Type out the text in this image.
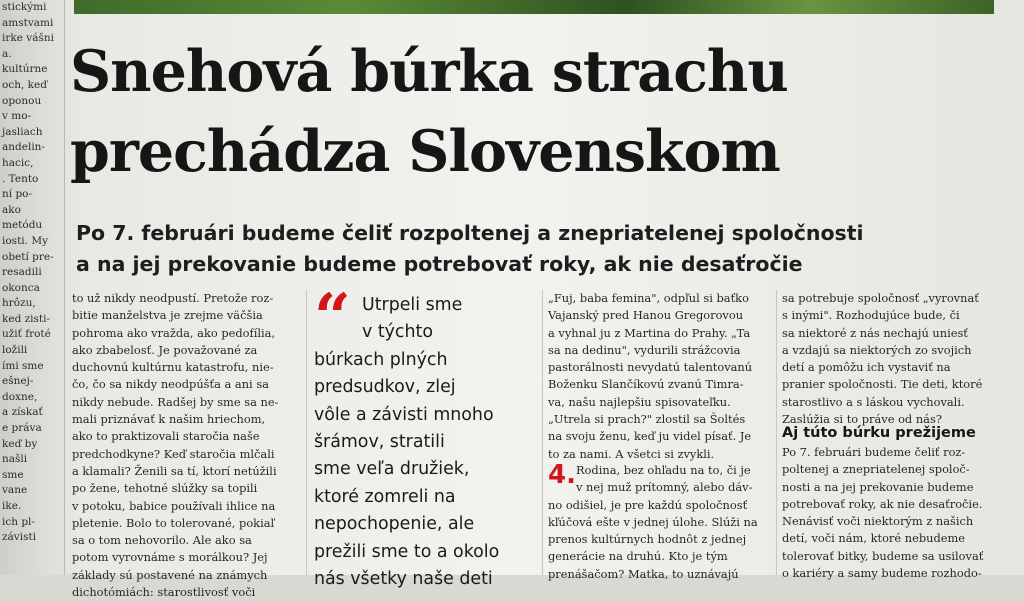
stickými
amstvami
irke vášni
a.
kultúrne
och, keď
oponou
v mo-
jasliach
andelin-
hacic,
. Tento
ní po-
ako
metódu
iosti. My
obetí pre-
resadili
okonca
hrôzu,
ked zisti-
užiť froté
ložili
ími sme
ešnej-
doxne,
a získať
e práva
keď by
našli
sme
vane
ike.
ich pl-
závisti
Snehová búrka strachu
prechádza Slovenskom
Po 7. februári budeme čeliť rozpoltenej a znepriatelenej spoločnosti
a na jej prekovanie budeme potrebovať roky, ak nie desaťročie
to už nikdy neodpustí. Pretože roz-
bitie manželstva je zrejme väčšia
pohroma ako vražda, ako pedofília,
ako zbabelosť. Je považované za
duchovnú kultúrnu katastrofu, nie-
čo, čo sa nikdy neodpúšťa a ani sa
nikdy nebude. Radšej by sme sa ne-
mali priznávať k našim hriechom,
ako to praktizovali staročia naše
predchodkyne? Keď staročia mlčali
a klamali? Ženili sa tí, ktorí netúžili
po žene, tehotné slúžky sa topili
v potoku, babice používali ihlice na
pletenie. Bolo to tolerované, pokiaľ
sa o tom nehovorilo. Ale ako sa
potom vyrovnáme s morálkou? Jej
základy sú postavené na známych
dichotómiách: starostlivosť voči
“ Utrpeli sme
v týchto
búrkach plných
predsudkov, zlej
vôle a závisti mnoho
šrámov, stratili
sme veľa družiek,
ktoré zomreli na
nepochopenie, ale
prežili sme to a okolo
nás všetky naše deti
„Fuj, baba femina", odpľul si baťko
Vajanský pred Hanou Gregorovou
a vyhnal ju z Martina do Prahy. „Ta
sa na dedinu", vydurili strážcovia
pastorálnosti nevydatú talentovanú
Boženku Slančíkovú zvanú Timra-
va, našu najlepšiu spisovateľku.
„Utrela si prach?" zlostil sa Šoltés
na svoju ženu, keď ju videl písať. Je
to za nami. A všetci si zvykli.
4. Rodina, bez ohľadu na to, či je
v nej muž prítomný, alebo dáv-
no odišiel, je pre každú spoločnosť
kľúčová ešte v jednej úlohe. Slúži na
prenos kultúrnych hodnôt z jednej
generácie na druhú. Kto je tým
prenášačom? Matka, to uznávajú
sa potrebuje spoločnosť „vyrovnať
s inými". Rozhodujúce bude, či
sa niektoré z nás nechajú uniesť
a vzdajú sa niektorých zo svojich
detí a pomôžu ich vystaviť na
pranier spoločnosti. Tie deti, ktoré
starostlivo a s láskou vychovali.
Zaslúžia si to práve od nás?
Aj túto búrku prežijeme
Po 7. februári budeme čeliť roz-
poltenej a znepriatelenej spoloč-
nosti a na jej prekovanie budeme
potrebovať roky, ak nie desaťročie.
Nenávisť voči niektorým z našich
detí, voči nám, ktoré nebudeme
tolerovať bitky, budeme sa usilovať
o kariéry a samy budeme rozhodo-
